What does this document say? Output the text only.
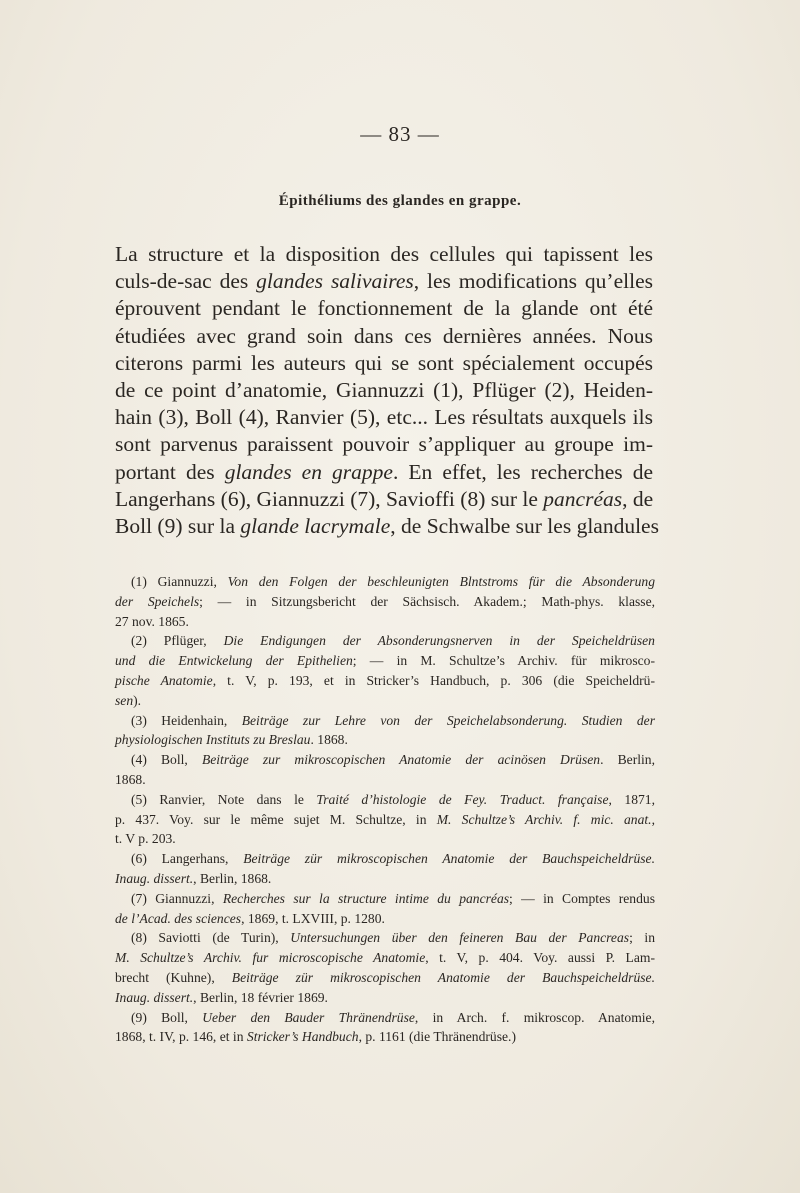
— 83 —
Épithéliums des glandes en grappe.
La structure et la disposition des cellules qui tapissent les
culs-de-sac des glandes salivaires, les modifications qu’elles
éprouvent pendant le fonctionnement de la glande ont été
étudiées avec grand soin dans ces dernières années. Nous
citerons parmi les auteurs qui se sont spécialement occupés
de ce point d’anatomie, Giannuzzi (1), Pflüger (2), Heiden-
hain (3), Boll (4), Ranvier (5), etc... Les résultats auxquels ils
sont parvenus paraissent pouvoir s’appliquer au groupe im-
portant des glandes en grappe. En effet, les recherches de
Langerhans (6), Giannuzzi (7), Savioffi (8) sur le pancréas, de
Boll (9) sur la glande lacrymale, de Schwalbe sur les glandules
(1) Giannuzzi, Von den Folgen der beschleunigten Blntstroms für die Absonderung
der Speichels; — in Sitzungsbericht der Sächsisch. Akadem.; Math-phys. klasse,
27 nov. 1865.
(2) Pflüger, Die Endigungen der Absonderungsnerven in der Speicheldrüsen
und die Entwickelung der Epithelien; — in M. Schultze’s Archiv. für mikrosco-
pische Anatomie, t. V, p. 193, et in Stricker’s Handbuch, p. 306 (die Speicheldrü-
sen).
(3) Heidenhain, Beiträge zur Lehre von der Speichelabsonderung. Studien der
physiologischen Instituts zu Breslau. 1868.
(4) Boll, Beiträge zur mikroscopischen Anatomie der acinösen Drüsen. Berlin,
1868.
(5) Ranvier, Note dans le Traité d’histologie de Fey. Traduct. française, 1871,
p. 437. Voy. sur le même sujet M. Schultze, in M. Schultze’s Archiv. f. mic. anat.,
t. V p. 203.
(6) Langerhans, Beiträge zür mikroscopischen Anatomie der Bauchspeicheldrüse.
Inaug. dissert., Berlin, 1868.
(7) Giannuzzi, Recherches sur la structure intime du pancréas; — in Comptes rendus
de l’Acad. des sciences, 1869, t. LXVIII, p. 1280.
(8) Saviotti (de Turin), Untersuchungen über den feineren Bau der Pancreas; in
M. Schultze’s Archiv. fur microscopische Anatomie, t. V, p. 404. Voy. aussi P. Lam-
brecht (Kuhne), Beiträge zür mikroscopischen Anatomie der Bauchspeicheldrüse.
Inaug. dissert., Berlin, 18 février 1869.
(9) Boll, Ueber den Bauder Thränendrüse, in Arch. f. mikroscop. Anatomie,
1868, t. IV, p. 146, et in Stricker’s Handbuch, p. 1161 (die Thränendrüse.)
